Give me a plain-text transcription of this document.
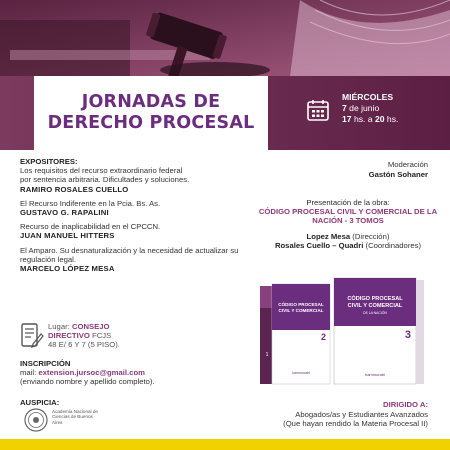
JORNADAS DE
DERECHO PROCESAL
MIÉRCOLES
7 de junio
17 hs. a 20 hs.
EXPOSITORES:
Los requisitos del recurso extraordinario federal por sentencia arbitraria. Dificultades y soluciones.
RAMIRO ROSALES CUELLO
El Recurso Indiferente en la Pcia. Bs. As.
GUSTAVO G. RAPALINI
Recurso de inaplicabilidad en el CPCCN.
JUAN MANUEL HITTERS
El Amparo. Su desnaturalización y la necesidad de actualizar su regulación legal.
MARCELO LÓPEZ MESA
Moderación
Gastón Sohaner
Presentación de la obra:
CÓDIGO PROCESAL CIVIL Y COMERCIAL DE LA NACIÓN - 3 TOMOS
Lopez Mesa (Dirección)
Rosales Cuello – Quadri (Coordinadores)
1
CÓDIGO PROCESAL
CIVIL Y COMERCIAL
2
hammurabi
CÓDIGO PROCESAL
CIVIL Y COMERCIAL
DE LA NACIÓN
3
hammurabi
Lugar: CONSEJO
DIRECTIVO FCJS
48 E/ 6 Y 7 (5 PISO).
INSCRIPCIÓN
mail: extension.jursoc@gmail.com
(enviando nombre y apellido completo).
AUSPICIA:
Academia Nacional de Ciencias de Buenos Aires
DIRIGIDO A:
Abogados/as y Estudiantes Avanzados
(Que hayan rendido la Materia Procesal II)
